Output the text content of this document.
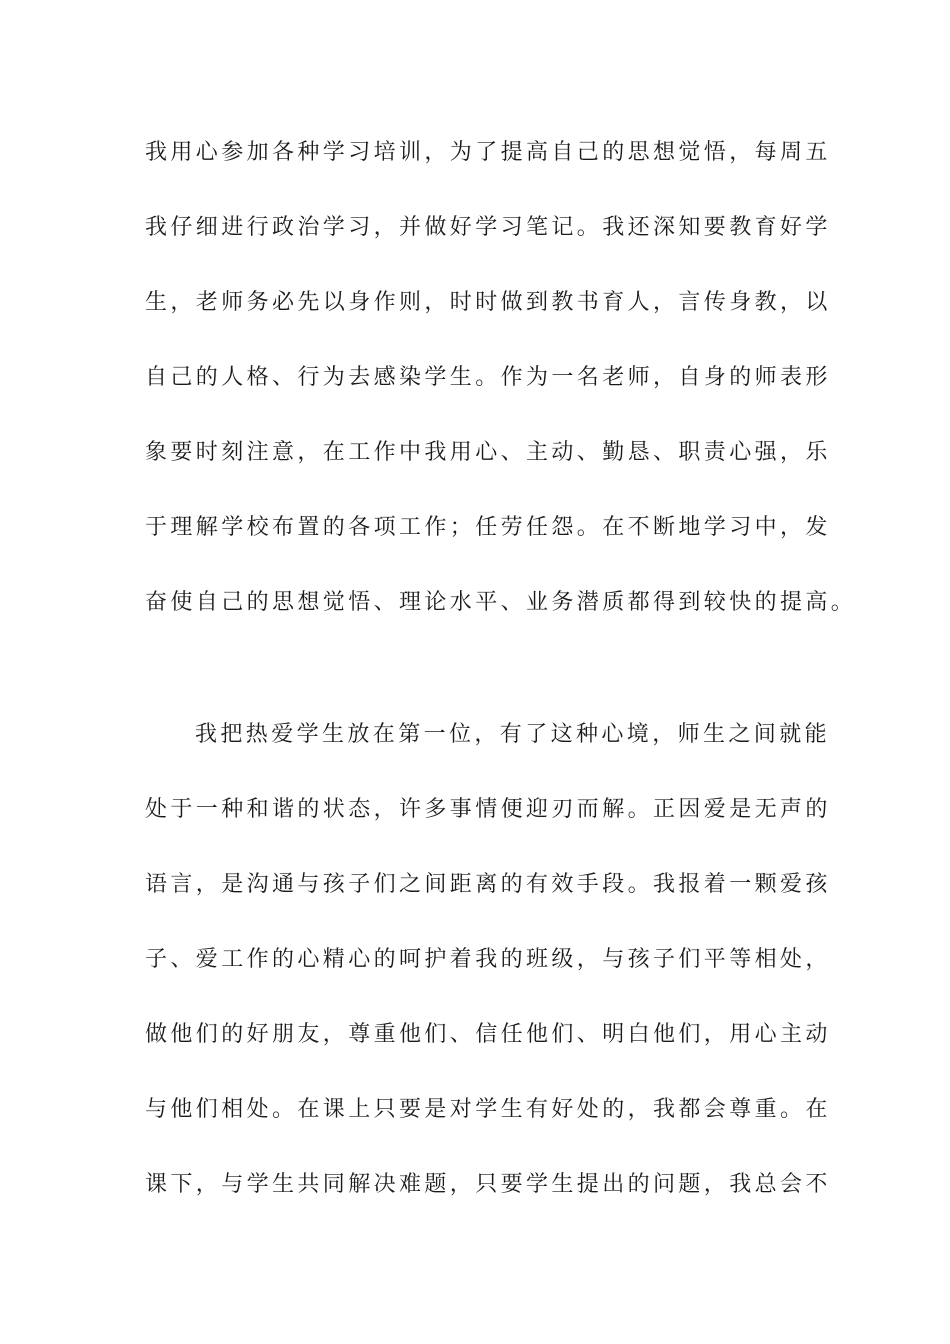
我用心参加各种学习培训，为了提高自己的思想觉悟，每周五
我仔细进行政治学习，并做好学习笔记。我还深知要教育好学
生，老师务必先以身作则，时时做到教书育人，言传身教，以
自己的人格、行为去感染学生。作为一名老师，自身的师表形
象要时刻注意，在工作中我用心、主动、勤恳、职责心强，乐
于理解学校布置的各项工作；任劳任怨。在不断地学习中，发
奋使自己的思想觉悟、理论水平、业务潜质都得到较快的提高。
我把热爱学生放在第一位，有了这种心境，师生之间就能
处于一种和谐的状态，许多事情便迎刃而解。正因爱是无声的
语言，是沟通与孩子们之间距离的有效手段。我报着一颗爱孩
子、爱工作的心精心的呵护着我的班级，与孩子们平等相处，
做他们的好朋友，尊重他们、信任他们、明白他们，用心主动
与他们相处。在课上只要是对学生有好处的，我都会尊重。在
课下，与学生共同解决难题，只要学生提出的问题，我总会不
